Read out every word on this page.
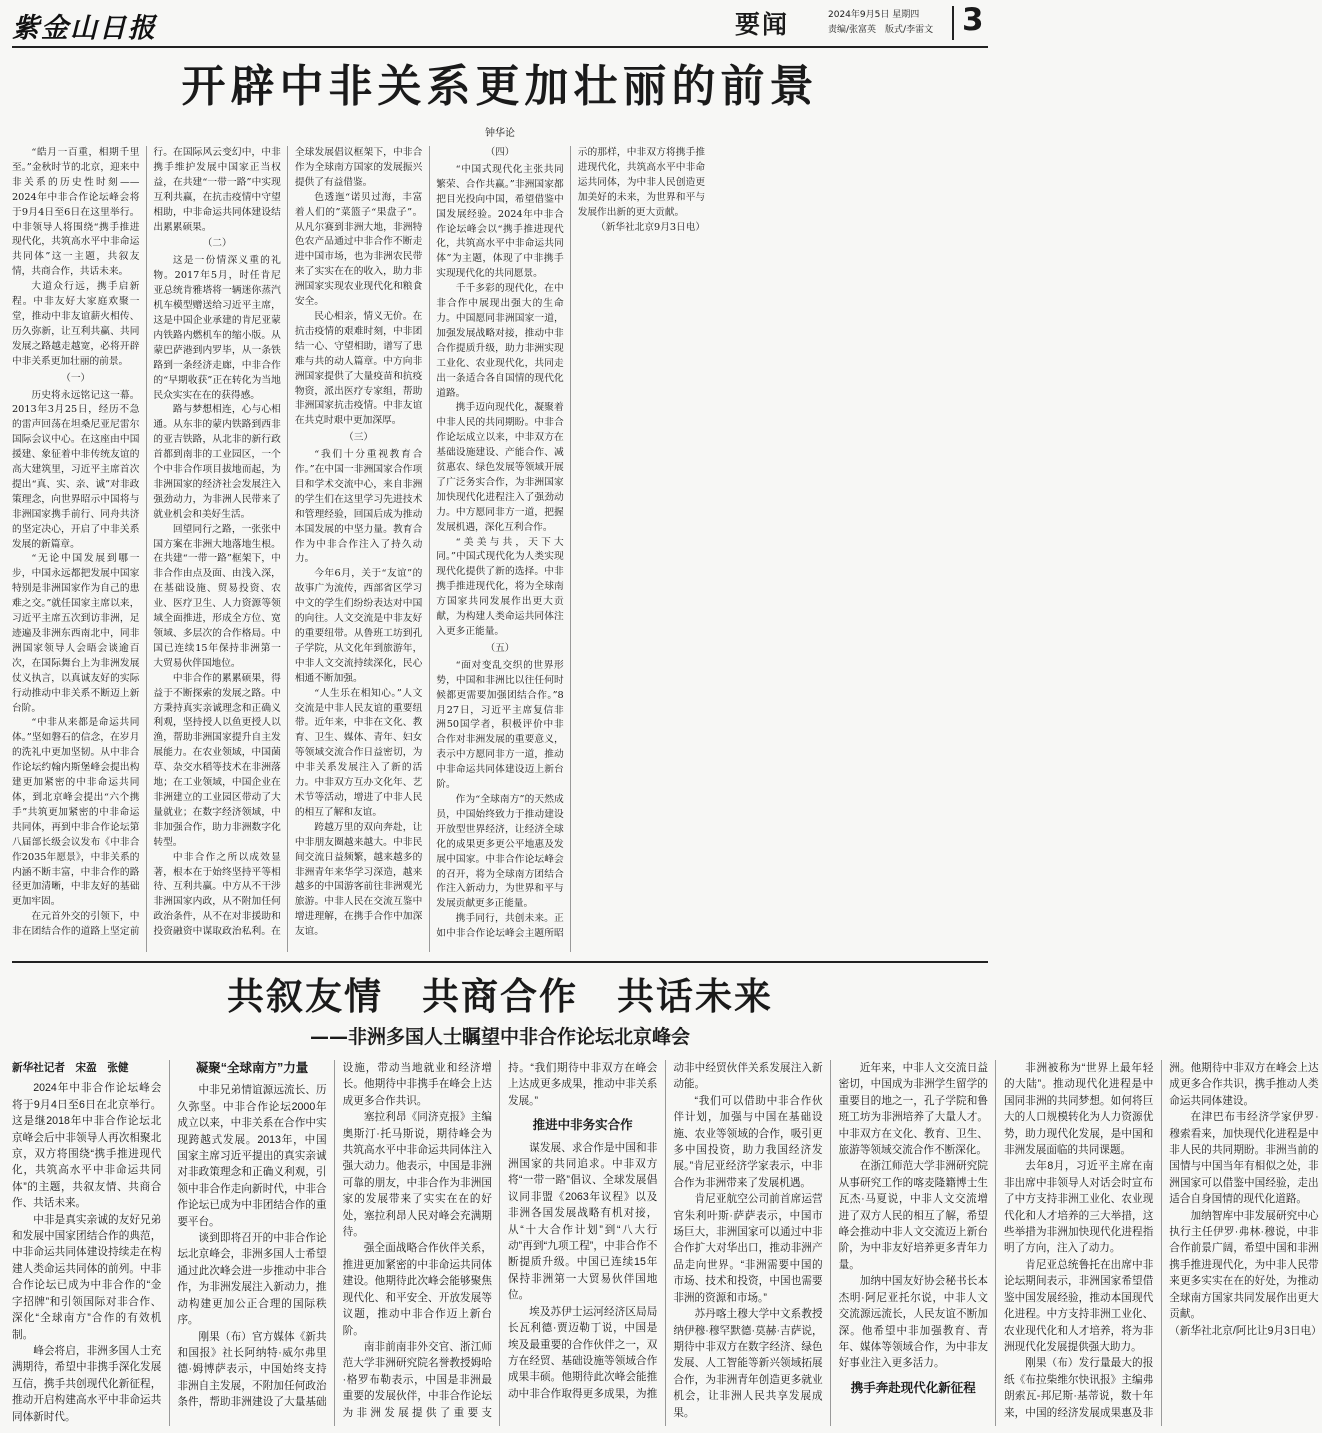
紫金山日报	要闻	2024年9月5日 星期四
责编/张富英　版式/李雷文 3
开辟中非关系更加壮丽的前景
钟华论

“皓月一百重，相期千里至。”金秋时节的北京，迎来中非关系的历史性时刻——2024年中非合作论坛峰会将于9月4日至6日在这里举行。中非领导人将围绕“携手推进现代化，共筑高水平中非命运共同体”这一主题，共叙友情，共商合作，共话未来。

大道众行远，携手启新程。中非友好大家庭欢聚一堂，推动中非友谊薪火相传、历久弥新，让互利共赢、共同发展之路越走越宽，必将开辟中非关系更加壮丽的前景。

（一）

历史将永远铭记这一幕。2013年3月25日，经历不急的雷声回荡在坦桑尼亚尼雷尔国际会议中心。在这座由中国援建、象征着中非传统友谊的高大建筑里，习近平主席首次提出“真、实、亲、诚”对非政策理念，向世界昭示中国将与非洲国家携手前行、同舟共济的坚定决心，开启了中非关系发展的新篇章。

“无论中国发展到哪一步，中国永远都把发展中国家特别是非洲国家作为自己的患难之交。”就任国家主席以来，习近平主席五次到访非洲，足迹遍及非洲东西南北中，同非洲国家领导人会晤会谈逾百次，在国际舞台上为非洲发展仗义执言，以真诚友好的实际行动推动中非关系不断迈上新台阶。

“中非从来都是命运共同体。”坚如磐石的信念，在岁月的洗礼中更加坚韧。从中非合作论坛约翰内斯堡峰会提出构建更加紧密的中非命运共同体，到北京峰会提出“六个携手”共筑更加紧密的中非命运共同体，再到中非合作论坛第八届部长级会议发布《中非合作2035年愿景》，中非关系的内涵不断丰富，中非合作的路径更加清晰，中非友好的基础更加牢固。

在元首外交的引领下，中非在团结合作的道路上坚定前行。在国际风云变幻中，中非携手维护发展中国家正当权益，在共建“一带一路”中实现互利共赢，在抗击疫情中守望相助，中非命运共同体建设结出累累硕果。

（二）

这是一份情深义重的礼物。2017年5月，时任肯尼亚总统肯雅塔将一辆迷你蒸汽机车模型赠送给习近平主席，这是中国企业承建的肯尼亚蒙内铁路内燃机车的缩小版。从蒙巴萨港到内罗毕，从一条铁路到一条经济走廊，中非合作的“早期收获”正在转化为当地民众实实在在的获得感。

路与梦想相连，心与心相通。从东非的蒙内铁路到西非的亚吉铁路，从北非的新行政首都到南非的工业园区，一个个中非合作项目拔地而起，为非洲国家的经济社会发展注入强劲动力，为非洲人民带来了就业机会和美好生活。

回望同行之路，一张张中国方案在非洲大地落地生根。在共建“一带一路”框架下，中非合作由点及面、由浅入深，在基础设施、贸易投资、农业、医疗卫生、人力资源等领域全面推进，形成全方位、宽领域、多层次的合作格局。中国已连续15年保持非洲第一大贸易伙伴国地位。

中非合作的累累硕果，得益于不断探索的发展之路。中方秉持真实亲诚理念和正确义利观，坚持授人以鱼更授人以渔，帮助非洲国家提升自主发展能力。在农业领域，中国菌草、杂交水稻等技术在非洲落地；在工业领域，中国企业在非洲建立的工业园区带动了大量就业；在数字经济领域，中非加强合作，助力非洲数字化转型。

中非合作之所以成效显著，根本在于始终坚持平等相待、互利共赢。中方从不干涉非洲国家内政，从不附加任何政治条件，从不在对非援助和投资融资中谋取政治私利。在全球发展倡议框架下，中非合作为全球南方国家的发展振兴提供了有益借鉴。

色透迤“诺贝过海，丰富着人们的”菜篮子“果盘子”。从凡尔赛到非洲大地，非洲特色农产品通过中非合作不断走进中国市场，也为非洲农民带来了实实在在的收入，助力非洲国家实现农业现代化和粮食安全。

民心相亲，情义无价。在抗击疫情的艰难时刻，中非团结一心、守望相助，谱写了患难与共的动人篇章。中方向非洲国家提供了大量疫苗和抗疫物资，派出医疗专家组，帮助非洲国家抗击疫情。中非友谊在共克时艰中更加深厚。

（三）

“我们十分重视教育合作。”在中国一非洲国家合作项目和学术交流中心，来自非洲的学生们在这里学习先进技术和管理经验，回国后成为推动本国发展的中坚力量。教育合作为中非合作注入了持久动力。

今年6月，关于“友谊”的故事广为流传，西部省区学习中文的学生们纷纷表达对中国的向往。人文交流是中非友好的重要纽带。从鲁班工坊到孔子学院，从文化年到旅游年，中非人文交流持续深化，民心相通不断加强。

“人生乐在相知心。”人文交流是中非人民友谊的重要纽带。近年来，中非在文化、教育、卫生、媒体、青年、妇女等领域交流合作日益密切，为中非关系发展注入了新的活力。中非双方互办文化年、艺术节等活动，增进了中非人民的相互了解和友谊。

跨越万里的双向奔赴，让中非朋友圈越来越大。中非民间交流日益频繁，越来越多的非洲青年来华学习深造，越来越多的中国游客前往非洲观光旅游。中非人民在交流互鉴中增进理解，在携手合作中加深友谊。

（四）

“中国式现代化主张共同繁荣、合作共赢。”非洲国家都把目光投向中国，希望借鉴中国发展经验。2024年中非合作论坛峰会以“携手推进现代化，共筑高水平中非命运共同体”为主题，体现了中非携手实现现代化的共同愿景。

千千多彩的现代化，在中非合作中展现出强大的生命力。中国愿同非洲国家一道，加强发展战略对接，推动中非合作提质升级，助力非洲实现工业化、农业现代化，共同走出一条适合各自国情的现代化道路。

携手迈向现代化，凝聚着中非人民的共同期盼。中非合作论坛成立以来，中非双方在基础设施建设、产能合作、减贫惠农、绿色发展等领域开展了广泛务实合作，为非洲国家加快现代化进程注入了强劲动力。中方愿同非方一道，把握发展机遇，深化互利合作。

“美美与共，天下大同。”中国式现代化为人类实现现代化提供了新的选择。中非携手推进现代化，将为全球南方国家共同发展作出更大贡献，为构建人类命运共同体注入更多正能量。

（五）

“面对变乱交织的世界形势，中国和非洲比以往任何时候都更需要加强团结合作。”8月27日，习近平主席复信非洲50国学者，积极评价中非合作对非洲发展的重要意义，表示中方愿同非方一道，推动中非命运共同体建设迈上新台阶。

作为“全球南方”的天然成员，中国始终致力于推动建设开放型世界经济，让经济全球化的成果更多更公平地惠及发展中国家。中非合作论坛峰会的召开，将为全球南方团结合作注入新动力，为世界和平与发展贡献更多正能量。

携手同行，共创未来。正如中非合作论坛峰会主题所昭示的那样，中非双方将携手推进现代化，共筑高水平中非命运共同体，为中非人民创造更加美好的未来，为世界和平与发展作出新的更大贡献。

（新华社北京9月3日电）

共叙友情　共商合作　共话未来
——非洲多国人士瞩望中非合作论坛北京峰会

新华社记者　宋盈　张健

2024年中非合作论坛峰会将于9月4日至6日在北京举行。这是继2018年中非合作论坛北京峰会后中非领导人再次相聚北京，双方将围绕“携手推进现代化，共筑高水平中非命运共同体”的主题，共叙友情、共商合作、共话未来。

中非是真实亲诚的友好兄弟和发展中国家团结合作的典范，中非命运共同体建设持续走在构建人类命运共同体的前列。中非合作论坛已成为中非合作的“金字招牌”和引领国际对非合作、深化“全球南方”合作的有效机制。

峰会将启，非洲多国人士充满期待，希望中非携手深化发展互信，携手共创现代化新征程，推动开启构建高水平中非命运共同体新时代。

凝聚“全球南方”力量

中非兄弟情谊源远流长、历久弥坚。中非合作论坛2000年成立以来，中非关系在合作中实现跨越式发展。2013年，中国国家主席习近平提出的真实亲诚对非政策理念和正确义利观，引领中非合作走向新时代，中非合作论坛已成为中非团结合作的重要平台。

谈到即将召开的中非合作论坛北京峰会，非洲多国人士希望通过此次峰会进一步推动中非合作，为非洲发展注入新动力，推动构建更加公正合理的国际秩序。

刚果（布）官方媒体《新共和国报》社长阿纳特·威尔弗里德·姆博萨表示，中国始终支持非洲自主发展，不附加任何政治条件，帮助非洲建设了大量基础设施，带动当地就业和经济增长。他期待中非携手在峰会上达成更多合作共识。

塞拉利昂《同济克报》主编奥斯汀·托马斯说，期待峰会为共筑高水平中非命运共同体注入强大动力。他表示，中国是非洲可靠的朋友，中非合作为非洲国家的发展带来了实实在在的好处，塞拉利昂人民对峰会充满期待。

强全面战略合作伙伴关系，推进更加紧密的中非命运共同体建设。他期待此次峰会能够聚焦现代化、和平安全、开放发展等议题，推动中非合作迈上新台阶。

南非前南非外交官、浙江师范大学非洲研究院名誉教授姆哈·格罗布勒表示，中国是非洲最重要的发展伙伴，中非合作论坛为非洲发展提供了重要支持。“我们期待中非双方在峰会上达成更多成果，推动中非关系发展。”

推进中非务实合作

谋发展、求合作是中国和非洲国家的共同追求。中非双方将“一带一路”倡议、全球发展倡议同非盟《2063年议程》以及非洲各国发展战略有机对接，从“十大合作计划”到“八大行动”再到“九项工程”，中非合作不断提质升级。中国已连续15年保持非洲第一大贸易伙伴国地位。

埃及苏伊士运河经济区局局长瓦利德·贾迈勒丁说，中国是埃及最重要的合作伙伴之一，双方在经贸、基础设施等领域合作成果丰硕。他期待此次峰会能推动中非合作取得更多成果，为推动非中经贸伙伴关系发展注入新动能。

“我们可以借助中非合作伙伴计划，加强与中国在基础设施、农业等领域的合作，吸引更多中国投资，助力我国经济发展。”肯尼亚经济学家表示，中非合作为非洲带来了发展机遇。

肯尼亚航空公司前首席运营官朱利叶斯·萨萨表示，中国市场巨大，非洲国家可以通过中非合作扩大对华出口，推动非洲产品走向世界。“非洲需要中国的市场、技术和投资，中国也需要非洲的资源和市场。”

苏丹喀土穆大学中文系教授纳伊穆·穆罕默德·莫赫·吉萨说，期待中非双方在数字经济、绿色发展、人工智能等新兴领域拓展合作，为非洲青年创造更多就业机会，让非洲人民共享发展成果。

近年来，中非人文交流日益密切，中国成为非洲学生留学的重要目的地之一，孔子学院和鲁班工坊为非洲培养了大量人才。中非双方在文化、教育、卫生、旅游等领域交流合作不断深化。

在浙江师范大学非洲研究院从事研究工作的喀麦隆籍博士生瓦杰·马夏说，中非人文交流增进了双方人民的相互了解，希望峰会推动中非人文交流迈上新台阶，为中非友好培养更多青年力量。

加纳中国友好协会秘书长本杰明·阿尼亚托尔说，中非人文交流源远流长，人民友谊不断加深。他希望中非加强教育、青年、媒体等领域合作，为中非友好事业注入更多活力。

携手奔赴现代化新征程

非洲被称为“世界上最年轻的大陆”。推动现代化进程是中国同非洲的共同梦想。如何将巨大的人口规模转化为人力资源优势，助力现代化发展，是中国和非洲发展面临的共同课题。

去年8月，习近平主席在南非出席中非领导人对话会时宣布了中方支持非洲工业化、农业现代化和人才培养的三大举措，这些举措为非洲加快现代化进程指明了方向，注入了动力。

肯尼亚总统鲁托在出席中非论坛期间表示，非洲国家希望借鉴中国发展经验，推动本国现代化进程。中方支持非洲工业化、农业现代化和人才培养，将为非洲现代化发展提供强大助力。

刚果（布）发行量最大的报纸《布拉柴维尔快讯报》主编弗朗索瓦-邦尼斯·基蒂说，数十年来，中国的经济发展成果惠及非洲。他期待中非双方在峰会上达成更多合作共识，携手推动人类命运共同体建设。

在津巴布韦经济学家伊罗·穆索看来，加快现代化进程是中非人民的共同期盼。非洲当前的国情与中国当年有相似之处，非洲国家可以借鉴中国经验，走出适合自身国情的现代化道路。

加纳智库中非发展研究中心执行主任伊罗·弗林·穆说，中非合作前景广阔，希望中国和非洲携手推进现代化，为中非人民带来更多实实在在的好处，为推动全球南方国家共同发展作出更大贡献。

（新华社北京/阿比让9月3日电）
